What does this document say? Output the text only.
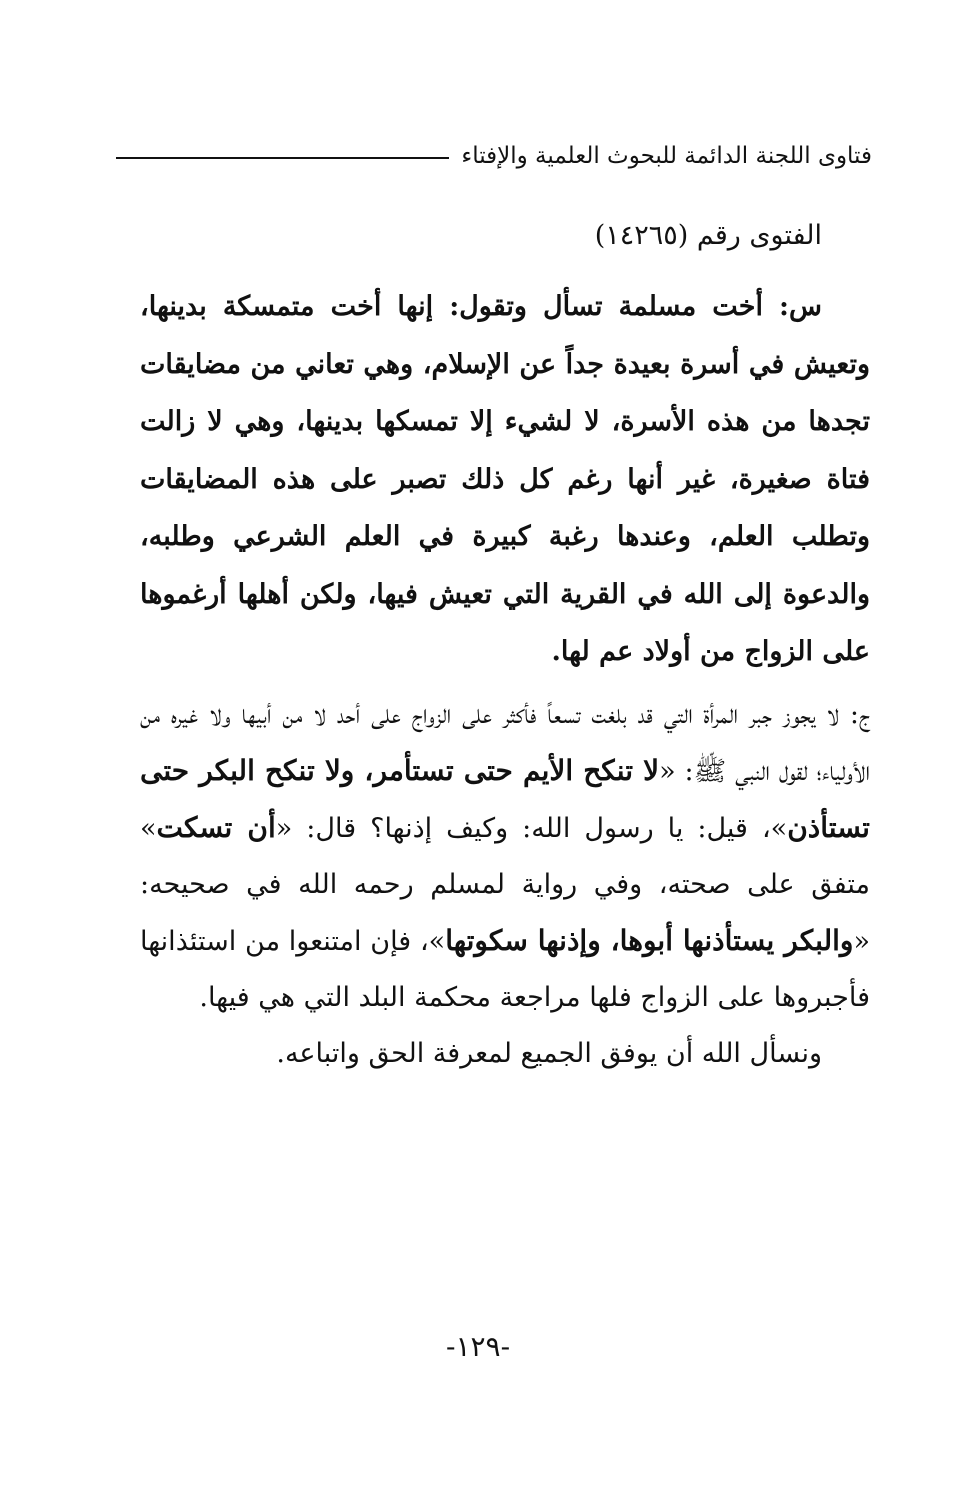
فتاوى اللجنة الدائمة للبحوث العلمية والإفتاء

الفتوى رقم (١٤٢٦٥)

س: أخت مسلمة تسأل وتقول: إنها أخت متمسكة بدينها، وتعيش في أسرة بعيدة جداً عن الإسلام، وهي تعاني من مضايقات تجدها من هذه الأسرة، لا لشيء إلا تمسكها بدينها، وهي لا زالت فتاة صغيرة، غير أنها رغم كل ذلك تصبر على هذه المضايقات وتطلب العلم، وعندها رغبة كبيرة في العلم الشرعي وطلبه، والدعوة إلى الله في القرية التي تعيش فيها، ولكن أهلها أرغموها على الزواج من أولاد عم لها.

ج: لا يجوز جبر المرأة التي قد بلغت تسعاً فأكثر على الزواج على أحد لا من أبيها ولا غيره من الأولياء؛ لقول النبي ﷺ: «لا تنكح الأيم حتى تستأمر، ولا تنكح البكر حتى تستأذن»، قيل: يا رسول الله: وكيف إذنها؟ قال: «أن تسكت» متفق على صحته، وفي رواية لمسلم رحمه الله في صحيحه: «والبكر يستأذنها أبوها، وإذنها سكوتها»، فإن امتنعوا من استئذانها فأجبروها على الزواج فلها مراجعة محكمة البلد التي هي فيها.

ونسأل الله أن يوفق الجميع لمعرفة الحق واتباعه.

-١٢٩-
